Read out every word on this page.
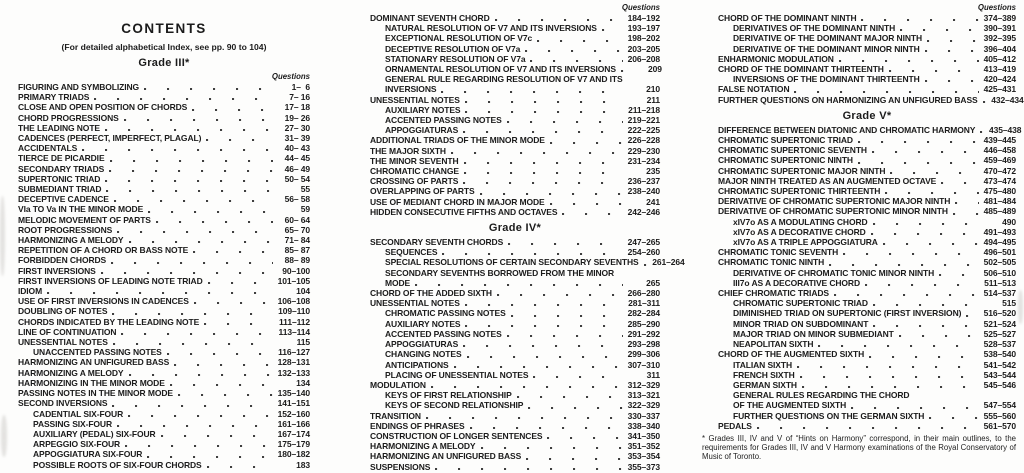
CONTENTS
(For detailed alphabetical Index, see pp. 90 to 104)
Grade III*
Questions
FIGURING AND SYMBOLIZING	1–  6
PRIMARY TRIADS	7– 16
CLOSE AND OPEN POSITION OF CHORDS	17– 18
CHORD PROGRESSIONS	19– 26
THE LEADING NOTE	27– 30
CADENCES (PERFECT, IMPERFECT, PLAGAL)	31– 39
ACCIDENTALS	40– 43
TIERCE DE PICARDIE	44– 45
SECONDARY TRIADS	46– 49
SUPERTONIC TRIAD	50– 54
SUBMEDIANT TRIAD	55
DECEPTIVE CADENCE	56– 58
VIa TO Va IN THE MINOR MODE	59
MELODIC MOVEMENT OF PARTS	60– 64
ROOT PROGRESSIONS	65– 70
HARMONIZING A MELODY	71– 84
REPETITION OF A CHORD OR BASS NOTE	85– 87
FORBIDDEN CHORDS	88– 89
FIRST INVERSIONS	90–100
FIRST INVERSIONS OF LEADING NOTE TRIAD	101–105
IDIOM	104
USE OF FIRST INVERSIONS IN CADENCES	106–108
DOUBLING OF NOTES	109–110
CHORDS INDICATED BY THE LEADING NOTE	111–112
LINE OF CONTINUATION	113–114
UNESSENTIAL NOTES	115
UNACCENTED PASSING NOTES	116–127
HARMONIZING AN UNFIGURED BASS	128–131
HARMONIZING A MELODY	132–133
HARMONIZING IN THE MINOR MODE	134
PASSING NOTES IN THE MINOR MODE	135–140
SECOND INVERSIONS	141–151
CADENTIAL SIX-FOUR	152–160
PASSING SIX-FOUR	161–166
AUXILIARY (PEDAL) SIX-FOUR	167–174
ARPEGGIO SIX-FOUR	175–179
APPOGGIATURA SIX-FOUR	180–182
POSSIBLE ROOTS OF SIX-FOUR CHORDS	183
Questions
DOMINANT SEVENTH CHORD	184–192
NATURAL RESOLUTION OF V7 AND ITS INVERSIONS	193–197
EXCEPTIONAL RESOLUTION OF V7c	198–202
DECEPTIVE RESOLUTION OF V7a	203–205
STATIONARY RESOLUTION OF V7a	206–208
ORNAMENTAL RESOLUTION OF V7 AND ITS INVERSIONS	209
GENERAL RULE REGARDING RESOLUTION OF V7 AND ITS
INVERSIONS	210
UNESSENTIAL NOTES	211
AUXILIARY NOTES	211–218
ACCENTED PASSING NOTES	219–221
APPOGGIATURAS	222–225
ADDITIONAL TRIADS OF THE MINOR MODE	226–228
THE MAJOR SIXTH	229–230
THE MINOR SEVENTH	231–234
CHROMATIC CHANGE	235
CROSSING OF PARTS	236–237
OVERLAPPING OF PARTS	238–240
USE OF MEDIANT CHORD IN MAJOR MODE	241
HIDDEN CONSECUTIVE FIFTHS AND OCTAVES	242–246
Grade IV*
SECONDARY SEVENTH CHORDS	247–265
SEQUENCES	254–260
SPECIAL RESOLUTIONS OF CERTAIN SECONDARY SEVENTHS 261–264
SECONDARY SEVENTHS BORROWED FROM THE MINOR
MODE	265
CHORD OF THE ADDED SIXTH	266–280
UNESSENTIAL NOTES	281–311
CHROMATIC PASSING NOTES	282–284
AUXILIARY NOTES	285–290
ACCENTED PASSING NOTES	291–292
APPOGGIATURAS	293–298
CHANGING NOTES	299–306
ANTICIPATIONS	307–310
PLACING OF UNESSENTIAL NOTES	311
MODULATION	312–329
KEYS OF FIRST RELATIONSHIP	313–321
KEYS OF SECOND RELATIONSHIP	322–329
TRANSITION	330–337
ENDINGS OF PHRASES	338–340
CONSTRUCTION OF LONGER SENTENCES	341–350
HARMONIZING A MELODY	351–352
HARMONIZING AN UNFIGURED BASS	353–354
SUSPENSIONS	355–373
Questions
CHORD OF THE DOMINANT NINTH	374–389
DERIVATIVES OF THE DOMINANT NINTH	390–391
DERIVATIVE OF THE DOMINANT MAJOR NINTH	392–395
DERIVATIVE OF THE DOMINANT MINOR NINTH	396–404
ENHARMONIC MODULATION	405–412
CHORD OF THE DOMINANT THIRTEENTH	413–419
INVERSIONS OF THE DOMINANT THIRTEENTH	420–424
FALSE NOTATION	425–431
FURTHER QUESTIONS ON HARMONIZING AN UNFIGURED BASS 432–434
Grade V*
DIFFERENCE BETWEEN DIATONIC AND CHROMATIC HARMONY 435–438
CHROMATIC SUPERTONIC TRIAD	439–445
CHROMATIC SUPERTONIC SEVENTH	446–458
CHROMATIC SUPERTONIC NINTH	459–469
CHROMATIC SUPERTONIC MAJOR NINTH	470–472
MAJOR NINTH TREATED AS AN AUGMENTED OCTAVE	473–474
CHROMATIC SUPERTONIC THIRTEENTH	475–480
DERIVATIVE OF CHROMATIC SUPERTONIC MAJOR NINTH	481–484
DERIVATIVE OF CHROMATIC SUPERTONIC MINOR NINTH	485–489
xIV7o AS A MODULATING CHORD	490
xIV7o AS A DECORATIVE CHORD	491–493
xIV7o AS A TRIPLE APPOGGIATURA	494–495
CHROMATIC TONIC SEVENTH	496–501
CHROMATIC TONIC NINTH	502–505
DERIVATIVE OF CHROMATIC TONIC MINOR NINTH	506–510
III7o AS A DECORATIVE CHORD	511–513
CHIEF CHROMATIC TRIADS	514–537
CHROMATIC SUPERTONIC TRIAD	515
DIMINISHED TRIAD ON SUPERTONIC (FIRST INVERSION)	516–520
MINOR TRIAD ON SUBDOMINANT	521–524
MAJOR TRIAD ON MINOR SUBMEDIANT	525–527
NEAPOLITAN SIXTH	528–537
CHORD OF THE AUGMENTED SIXTH	538–540
ITALIAN SIXTH	541–542
FRENCH SIXTH	543–544
GERMAN SIXTH	545–546
GENERAL RULES REGARDING THE CHORD
OF THE AUGMENTED SIXTH	547–554
FURTHER QUESTIONS ON THE GERMAN SIXTH	555–560
PEDALS	561–570
* Grades III, IV and V of “Hints on Harmony” correspond, in their main outlines, to the requirements for Grades III, IV and V Harmony examinations of the Royal Conservatory of Music of Toronto.
